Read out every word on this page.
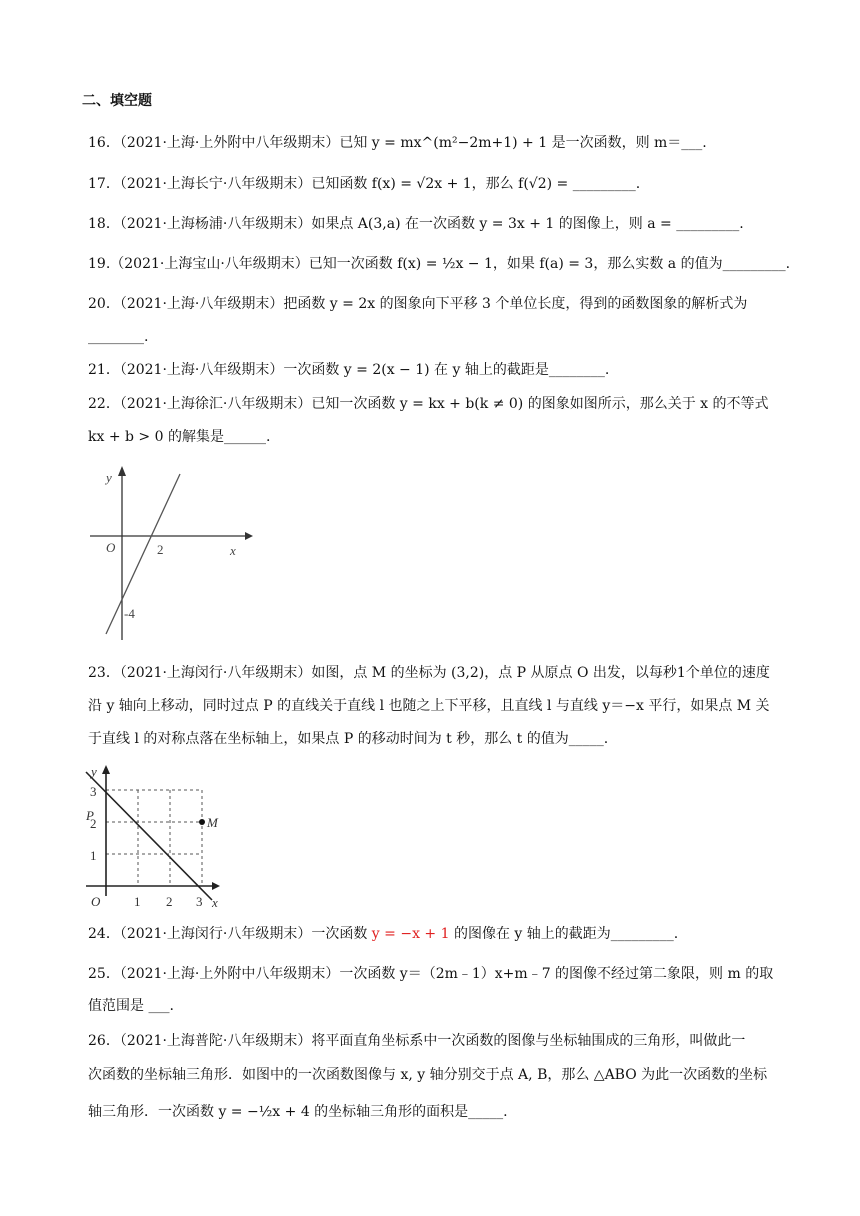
二、填空题
16．（2021·上海·上外附中八年级期末）已知 y = mx^(m²−2m+1) + 1 是一次函数，则 m＝___.
17．（2021·上海长宁·八年级期末）已知函数 f(x) = √2x + 1，那么 f(√2) = _________.
18．（2021·上海杨浦·八年级期末）如果点 A(3,a) 在一次函数 y = 3x + 1 的图像上，则 a = _________.
19.（2021·上海宝山·八年级期末）已知一次函数 f(x) = ½x − 1，如果 f(a) = 3，那么实数 a 的值为_________.
20．（2021·上海·八年级期末）把函数 y = 2x 的图象向下平移 3 个单位长度，得到的函数图象的解析式为
________.
21．（2021·上海·八年级期末）一次函数 y = 2(x − 1) 在 y 轴上的截距是________.
22．（2021·上海徐汇·八年级期末）已知一次函数 y = kx + b(k ≠ 0) 的图象如图所示，那么关于 x 的不等式
kx + b > 0 的解集是______.
y
x
O	2
-4
23．（2021·上海闵行·八年级期末）如图，点 M 的坐标为 (3,2)，点 P 从原点 O 出发，以每秒1个单位的速度
沿 y 轴向上移动，同时过点 P 的直线关于直线 l 也随之上下平移，且直线 l 与直线 y＝−x 平行，如果点 M 关
于直线 l 的对称点落在坐标轴上，如果点 P 的移动时间为 t 秒，那么 t 的值为_____.
y
x
O
P	M
1 2 3
1
2
3
24．（2021·上海闵行·八年级期末）一次函数 y = −x + 1 的图像在 y 轴上的截距为_________.
25．（2021·上海·上外附中八年级期末）一次函数 y＝（2m﹣1）x+m﹣7 的图像不经过第二象限，则 m 的取
值范围是 ___.
26．（2021·上海普陀·八年级期末）将平面直角坐标系中一次函数的图像与坐标轴围成的三角形，叫做此一
次函数的坐标轴三角形．如图中的一次函数图像与 x, y 轴分别交于点 A, B，那么 △ABO 为此一次函数的坐标
轴三角形．一次函数 y = −½x + 4 的坐标轴三角形的面积是_____.
